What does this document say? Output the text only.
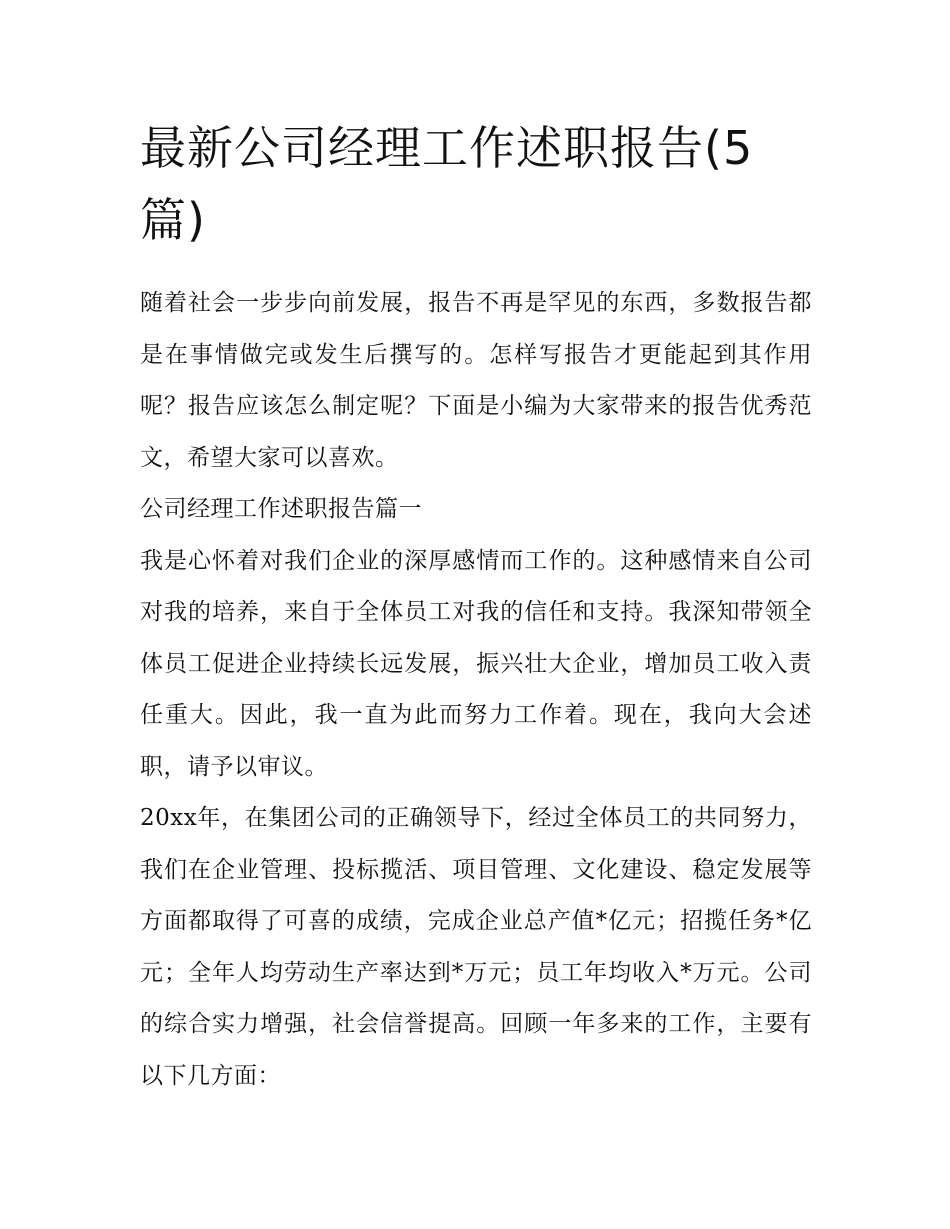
最新公司经理工作述职报告(5篇)

随着社会一步步向前发展，报告不再是罕见的东西，多数报告都是在事情做完或发生后撰写的。怎样写报告才更能起到其作用呢？报告应该怎么制定呢？下面是小编为大家带来的报告优秀范文，希望大家可以喜欢。

公司经理工作述职报告篇一

我是心怀着对我们企业的深厚感情而工作的。这种感情来自公司对我的培养，来自于全体员工对我的信任和支持。我深知带领全体员工促进企业持续长远发展，振兴壮大企业，增加员工收入责任重大。因此，我一直为此而努力工作着。现在，我向大会述职，请予以审议。

20xx年，在集团公司的正确领导下，经过全体员工的共同努力，我们在企业管理、投标揽活、项目管理、文化建设、稳定发展等方面都取得了可喜的成绩，完成企业总产值*亿元；招揽任务*亿元；全年人均劳动生产率达到*万元；员工年均收入*万元。公司的综合实力增强，社会信誉提高。回顾一年多来的工作，主要有以下几方面：
